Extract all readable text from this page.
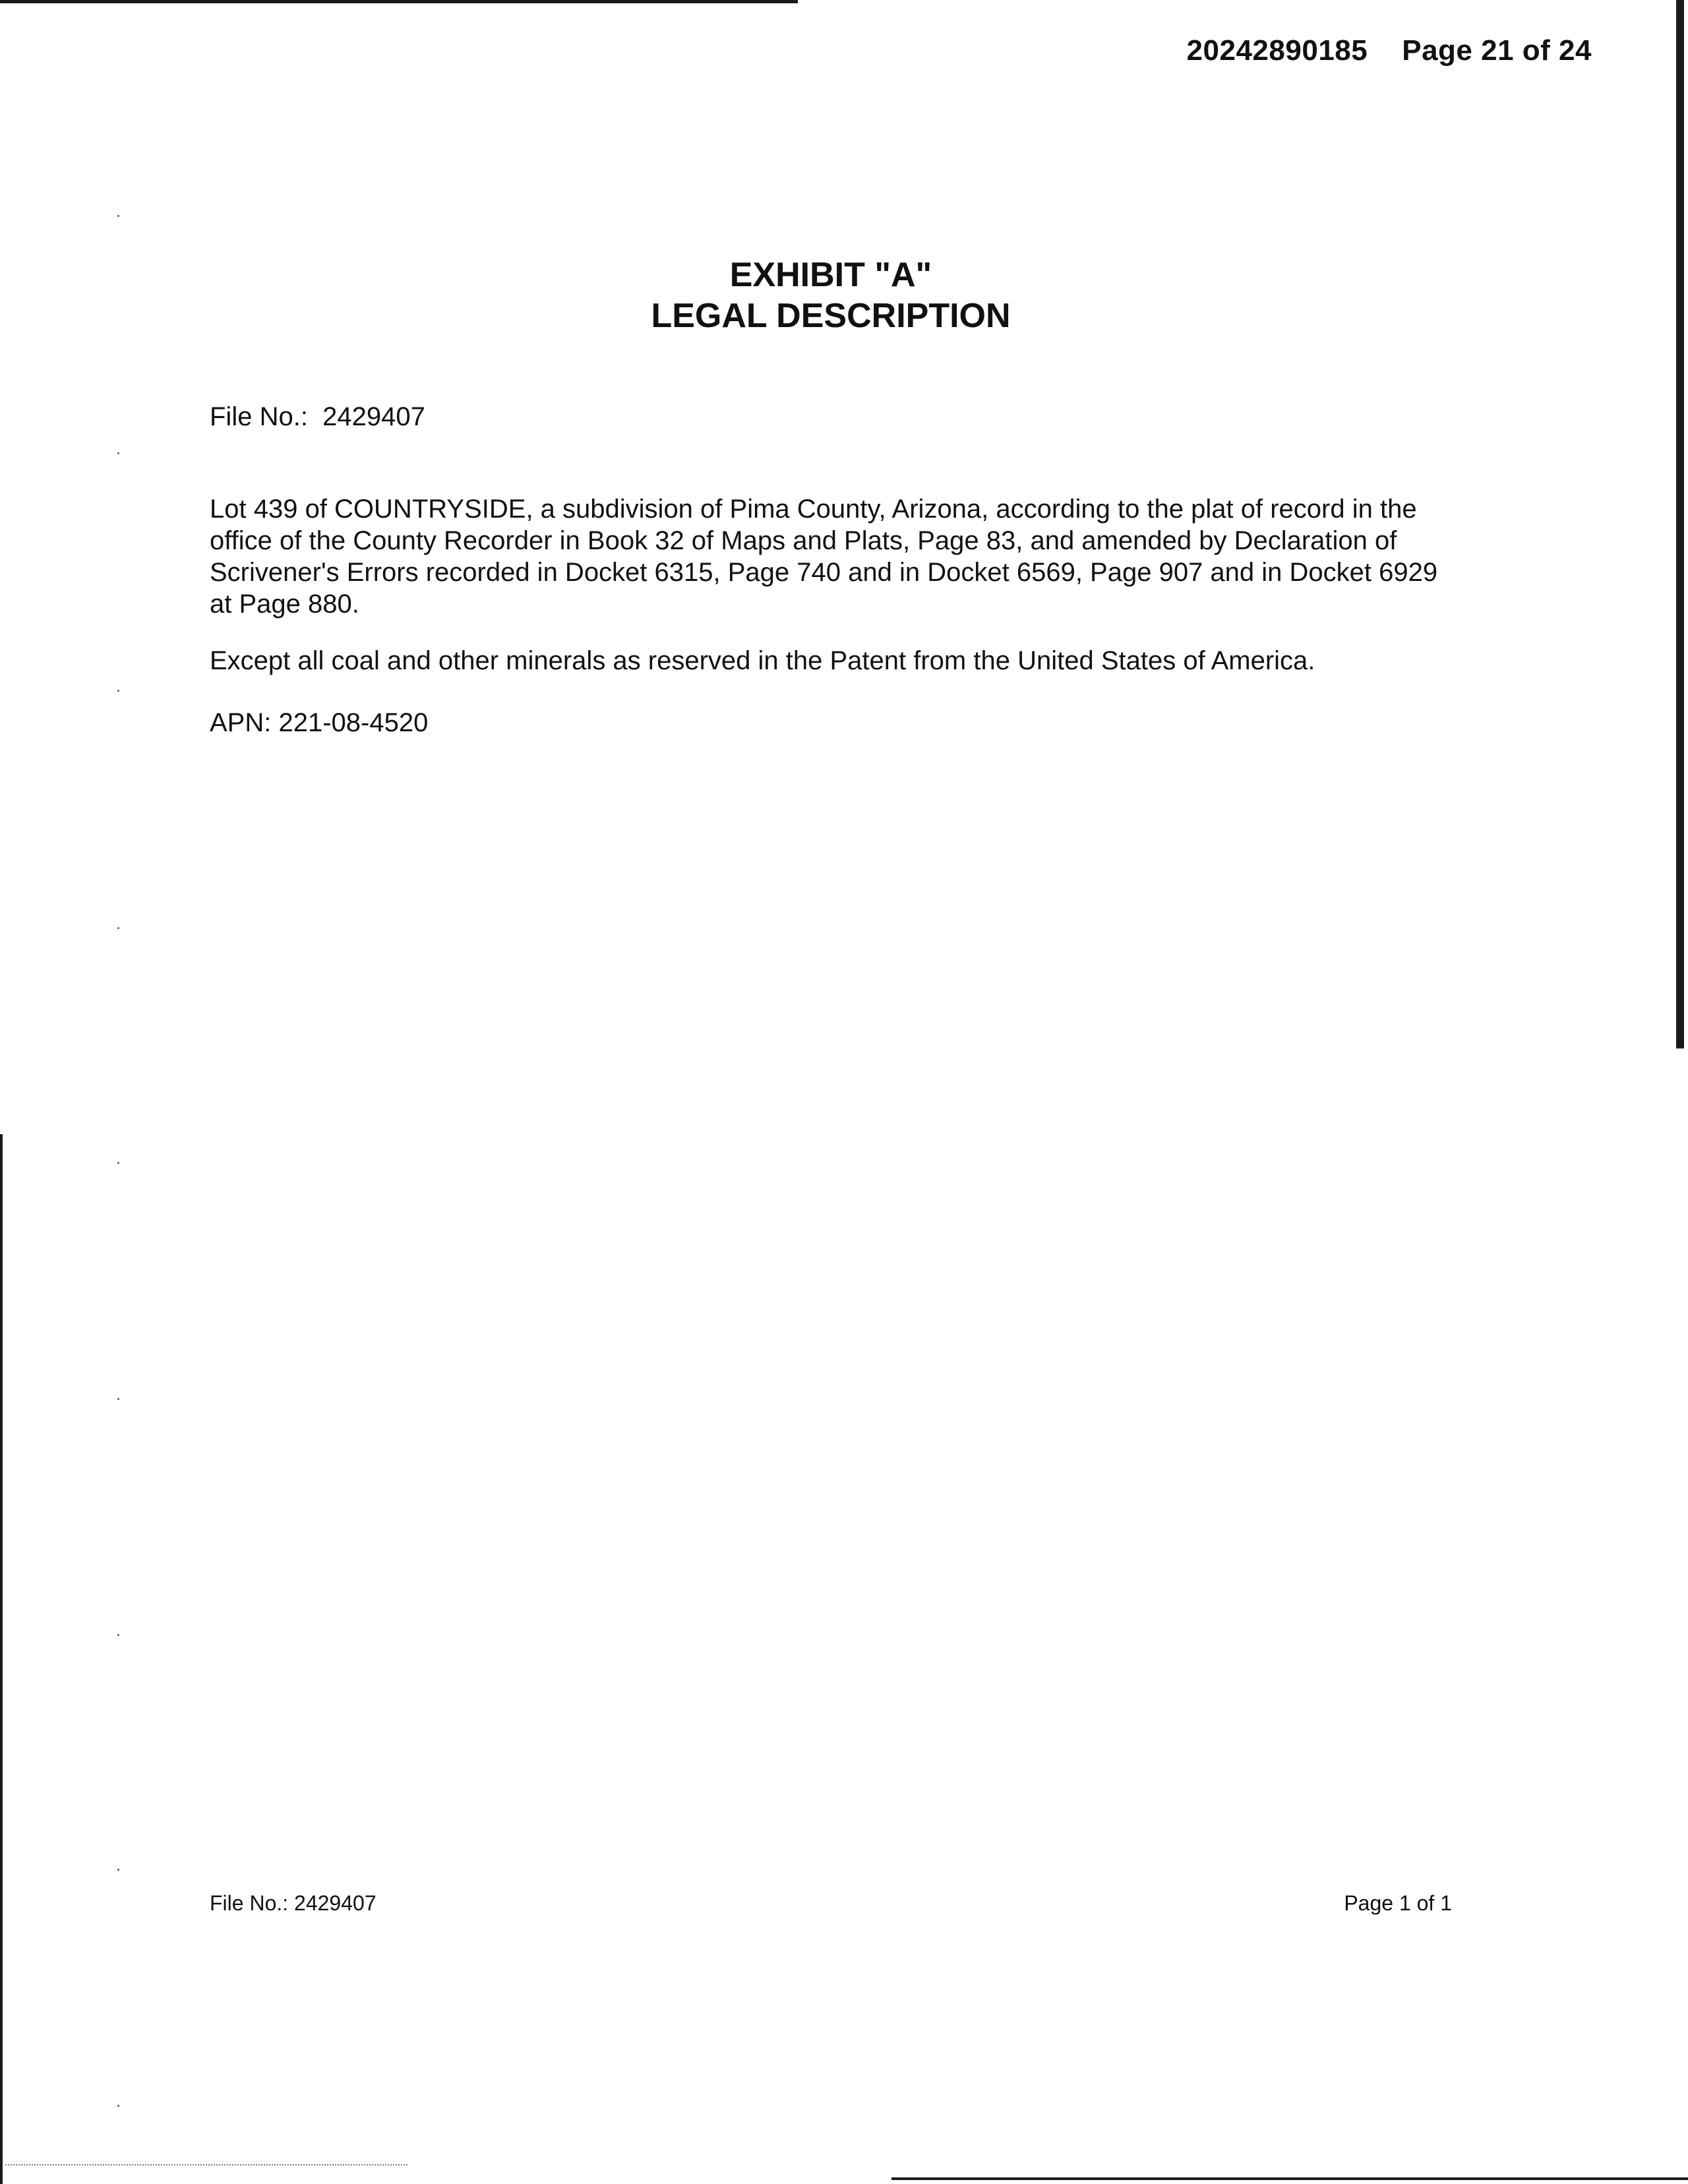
20242890185 Page 21 of 24
EXHIBIT "A"
LEGAL DESCRIPTION
File No.: 2429407
Lot 439 of COUNTRYSIDE, a subdivision of Pima County, Arizona, according to the plat of record in the
office of the County Recorder in Book 32 of Maps and Plats, Page 83, and amended by Declaration of
Scrivener's Errors recorded in Docket 6315, Page 740 and in Docket 6569, Page 907 and in Docket 6929
at Page 880.
Except all coal and other minerals as reserved in the Patent from the United States of America.
APN: 221-08-4520
File No.: 2429407	Page 1 of 1
